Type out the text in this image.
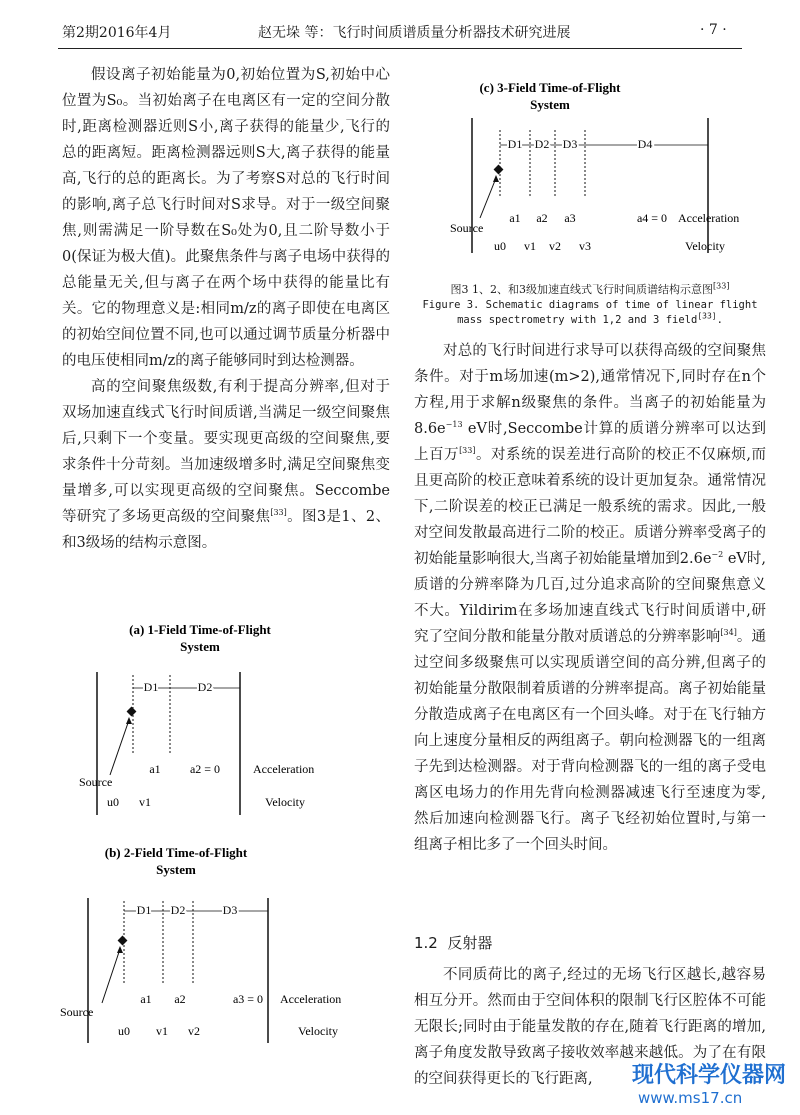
第2期2016年4月	赵无垛 等：飞行时间质谱质量分析器技术研究进展	· 7 ·

假设离子初始能量为0,初始位置为S,初始中心位置为S₀。当初始离子在电离区有一定的空间分散时,距离检测器近则S小,离子获得的能量少,飞行的总的距离短。距离检测器远则S大,离子获得的能量高,飞行的总的距离长。为了考察S对总的飞行时间的影响,离子总飞行时间对S求导。对于一级空间聚焦,则需满足一阶导数在S₀处为0,且二阶导数小于0(保证为极大值)。此聚焦条件与离子电场中获得的总能量无关,但与离子在两个场中获得的能量比有关。它的物理意义是:相同m/z的离子即使在电离区的初始空间位置不同,也可以通过调节质量分析器中的电压使相同m/z的离子能够同时到达检测器。

高的空间聚焦级数,有利于提高分辨率,但对于双场加速直线式飞行时间质谱,当满足一级空间聚焦后,只剩下一个变量。要实现更高级的空间聚焦,要求条件十分苛刻。当加速级增多时,满足空间聚焦变量增多,可以实现更高级的空间聚焦。Seccombe 等研究了多场更高级的空间聚焦[33]。图3是1、2、和3级场的结构示意图。

(c) 3-Field Time-of-Flight
System
D1 D2 D3	D4
Source
a1 a2 a3	a4 = 0 Acceleration
u0 v1 v2 v3	Velocity
图3 1、2、和3级加速直线式飞行时间质谱结构示意图[33]
Figure 3. Schematic diagrams of time of linear flight mass spectrometry with 1,2 and 3 field[33].

对总的飞行时间进行求导可以获得高级的空间聚焦条件。对于m场加速(m>2),通常情况下,同时存在n个方程,用于求解n级聚焦的条件。当离子的初始能量为$8.6e^{-13}$ eV时,Seccombe计算的质谱分辨率可以达到上百万[33]。对系统的误差进行高阶的校正不仅麻烦,而且更高阶的校正意味着系统的设计更加复杂。通常情况下,二阶误差的校正已满足一般系统的需求。因此,一般对空间发散最高进行二阶的校正。质谱分辨率受离子的初始能量影响很大,当离子初始能量增加到$2.6e^{-2}$ eV时,质谱的分辨率降为几百,过分追求高阶的空间聚焦意义不大。Yildirim在多场加速直线式飞行时间质谱中,研究了空间分散和能量分散对质谱总的分辨率影响[34]。通过空间多级聚焦可以实现质谱空间的高分辨,但离子的初始能量分散限制着质谱的分辨率提高。离子初始能量分散造成离子在电离区有一个回头峰。对于在飞行轴方向上速度分量相反的两组离子。朝向检测器飞的一组离子先到达检测器。对于背向检测器飞的一组的离子受电离区电场力的作用先背向检测器减速飞行至速度为零,然后加速向检测器飞行。离子飞经初始位置时,与第一组离子相比多了一个回头时间。

1.2 反射器

不同质荷比的离子,经过的无场飞行区越长,越容易相互分开。然而由于空间体积的限制飞行区腔体不可能无限长;同时由于能量发散的存在,随着飞行距离的增加,离子角度发散导致离子接收效率越来越低。为了在有限的空间获得更长的飞行距离,

(a) 1-Field Time-of-Flight
System
D1	D2
Source
a1 a2 = 0	Acceleration
u0 v1	Velocity
(b) 2-Field Time-of-Flight
System
D1 D2	D3
Source
a1 a2	a3 = 0 Acceleration
u0 v1 v2	Velocity
现代科学仪器网
www.ms17.cn
